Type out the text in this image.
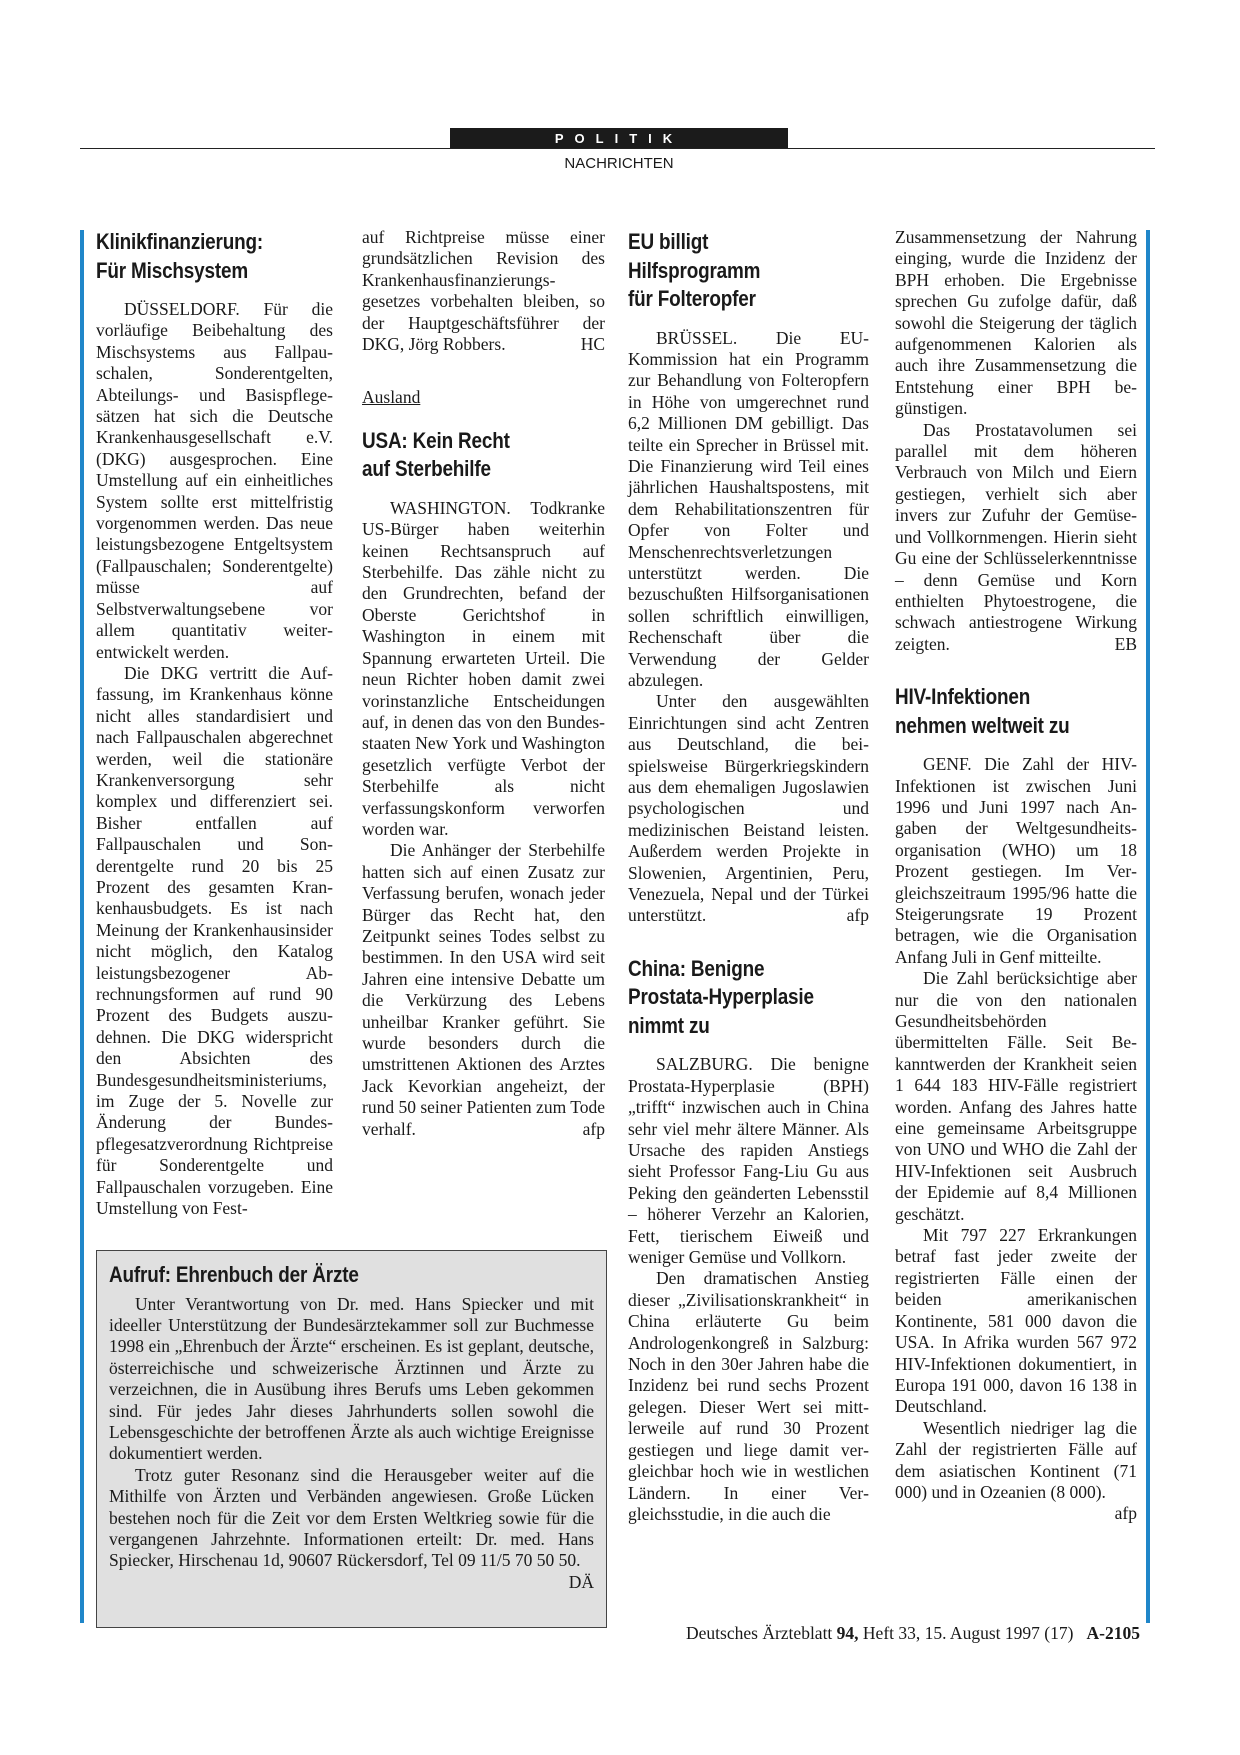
POLITIK
NACHRICHTEN
Klinikfinanzierung:
Für Mischsystem

DÜSSELDORF. Für die vorläufige Beibehaltung des Mischsystems aus Fallpauschalen, Sonderentgelten, Abteilungs- und Basispflegesätzen hat sich die Deutsche Krankenhausgesellschaft e.V. (DKG) ausgesprochen. Eine Umstellung auf ein einheitliches System sollte erst mittelfristig vorgenommen werden. Das neue leistungsbezogene Entgeltsystem (Fallpauschalen; Sonderentgelte) müsse auf Selbstverwaltungsebene vor allem quantitativ weiterentwickelt werden.

Die DKG vertritt die Auffassung, im Krankenhaus könne nicht alles standardisiert und nach Fallpauschalen abgerechnet werden, weil die stationäre Krankenversorgung sehr komplex und differenziert sei. Bisher entfallen auf Fallpauschalen und Sonderentgelte rund 20 bis 25 Prozent des gesamten Krankenhausbudgets. Es ist nach Meinung der Krankenhausinsider nicht möglich, den Katalog leistungsbezogener Abrechnungsformen auf rund 90 Prozent des Budgets auszudehnen. Die DKG widerspricht den Absichten des Bundesgesundheitsministeriums, im Zuge der 5. Novelle zur Änderung der Bundespflegesatzverordnung Richtpreise für Sonderentgelte und Fallpauschalen vorzugeben. Eine Umstellung von Fest-

auf Richtpreise müsse einer grundsätzlichen Revision des Krankenhausfinanzierungsgesetzes vorbehalten bleiben, so der Hauptgeschäftsführer der DKG, Jörg Robbers.	HC

Ausland
USA: Kein Recht
auf Sterbehilfe

WASHINGTON. Todkranke US-Bürger haben weiterhin keinen Rechtsanspruch auf Sterbehilfe. Das zähle nicht zu den Grundrechten, befand der Oberste Gerichtshof in Washington in einem mit Spannung erwarteten Urteil. Die neun Richter hoben damit zwei vorinstanzliche Entscheidungen auf, in denen das von den Bundesstaaten New York und Washington gesetzlich verfügte Verbot der Sterbehilfe als nicht verfassungskonform verworfen worden war.

Die Anhänger der Sterbehilfe hatten sich auf einen Zusatz zur Verfassung berufen, wonach jeder Bürger das Recht hat, den Zeitpunkt seines Todes selbst zu bestimmen. In den USA wird seit Jahren eine intensive Debatte um die Verkürzung des Lebens unheilbar Kranker geführt. Sie wurde besonders durch die umstrittenen Aktionen des Arztes Jack Kevorkian angeheizt, der rund 50 seiner Patienten zum Tode verhalf.	afp

EU billigt
Hilfsprogramm
für Folteropfer

BRÜSSEL. Die EU-Kommission hat ein Programm zur Behandlung von Folteropfern in Höhe von umgerechnet rund 6,2 Millionen DM gebilligt. Das teilte ein Sprecher in Brüssel mit. Die Finanzierung wird Teil eines jährlichen Haushaltspostens, mit dem Rehabilitationszentren für Opfer von Folter und Menschenrechtsverletzungen unterstützt werden. Die bezuschußten Hilfsorganisationen sollen schriftlich einwilligen, Rechenschaft über die Verwendung der Gelder abzulegen.

Unter den ausgewählten Einrichtungen sind acht Zentren aus Deutschland, die beispielsweise Bürgerkriegskindern aus dem ehemaligen Jugoslawien psychologischen und medizinischen Beistand leisten. Außerdem werden Projekte in Slowenien, Argentinien, Peru, Venezuela, Nepal und der Türkei unterstützt.	afp

China: Benigne
Prostata-Hyperplasie
nimmt zu

SALZBURG. Die benigne Prostata-Hyperplasie (BPH) „trifft“ inzwischen auch in China sehr viel mehr ältere Männer. Als Ursache des rapiden Anstiegs sieht Professor Fang-Liu Gu aus Peking den geänderten Lebensstil – höherer Verzehr an Kalorien, Fett, tierischem Eiweiß und weniger Gemüse und Vollkorn.

Den dramatischen Anstieg dieser „Zivilisationskrankheit“ in China erläuterte Gu beim Andrologenkongreß in Salzburg: Noch in den 30er Jahren habe die Inzidenz bei rund sechs Prozent gelegen. Dieser Wert sei mittlerweile auf rund 30 Prozent gestiegen und liege damit vergleichbar hoch wie in westlichen Ländern. In einer Vergleichsstudie, in die auch die

Zusammensetzung der Nahrung einging, wurde die Inzidenz der BPH erhoben. Die Ergebnisse sprechen Gu zufolge dafür, daß sowohl die Steigerung der täglich aufgenommenen Kalorien als auch ihre Zusammensetzung die Entstehung einer BPH begünstigen.

Das Prostatavolumen sei parallel mit dem höheren Verbrauch von Milch und Eiern gestiegen, verhielt sich aber invers zur Zufuhr der Gemüse- und Vollkornmengen. Hierin sieht Gu eine der Schlüsselerkenntnisse – denn Gemüse und Korn enthielten Phytoestrogene, die schwach antiestrogene Wirkung zeigten.	EB

HIV-Infektionen
nehmen weltweit zu

GENF. Die Zahl der HIV-Infektionen ist zwischen Juni 1996 und Juni 1997 nach Angaben der Weltgesundheitsorganisation (WHO) um 18 Prozent gestiegen. Im Vergleichszeitraum 1995/96 hatte die Steigerungsrate 19 Prozent betragen, wie die Organisation Anfang Juli in Genf mitteilte.

Die Zahl berücksichtige aber nur die von den nationalen Gesundheitsbehörden übermittelten Fälle. Seit Bekanntwerden der Krankheit seien 1 644 183 HIV-Fälle registriert worden. Anfang des Jahres hatte eine gemeinsame Arbeitsgruppe von UNO und WHO die Zahl der HIV-Infektionen seit Ausbruch der Epidemie auf 8,4 Millionen geschätzt.

Mit 797 227 Erkrankungen betraf fast jeder zweite der registrierten Fälle einen der beiden amerikanischen Kontinente, 581 000 davon die USA. In Afrika wurden 567 972 HIV-Infektionen dokumentiert, in Europa 191 000, davon 16 138 in Deutschland.

Wesentlich niedriger lag die Zahl der registrierten Fälle auf dem asiatischen Kontinent (71 000) und in Ozeanien (8 000).
afp

Aufruf: Ehrenbuch der Ärzte

Unter Verantwortung von Dr. med. Hans Spiecker und mit ideeller Unterstützung der Bundesärztekammer soll zur Buchmesse 1998 ein „Ehrenbuch der Ärzte“ erscheinen. Es ist geplant, deutsche, österreichische und schweizerische Ärztinnen und Ärzte zu verzeichnen, die in Ausübung ihres Berufs ums Leben gekommen sind. Für jedes Jahr dieses Jahrhunderts sollen sowohl die Lebensgeschichte der betroffenen Ärzte als auch wichtige Ereignisse dokumentiert werden.

Trotz guter Resonanz sind die Herausgeber weiter auf die Mithilfe von Ärzten und Verbänden angewiesen. Große Lücken bestehen noch für die Zeit vor dem Ersten Weltkrieg sowie für die vergangenen Jahrzehnte. Informationen erteilt: Dr. med. Hans Spiecker, Hirschenau 1d, 90607 Rückersdorf, Tel 09 11/5 70 50 50.
DÄ

Deutsches Ärzteblatt 94, Heft 33, 15. August 1997 (17) A-2105
